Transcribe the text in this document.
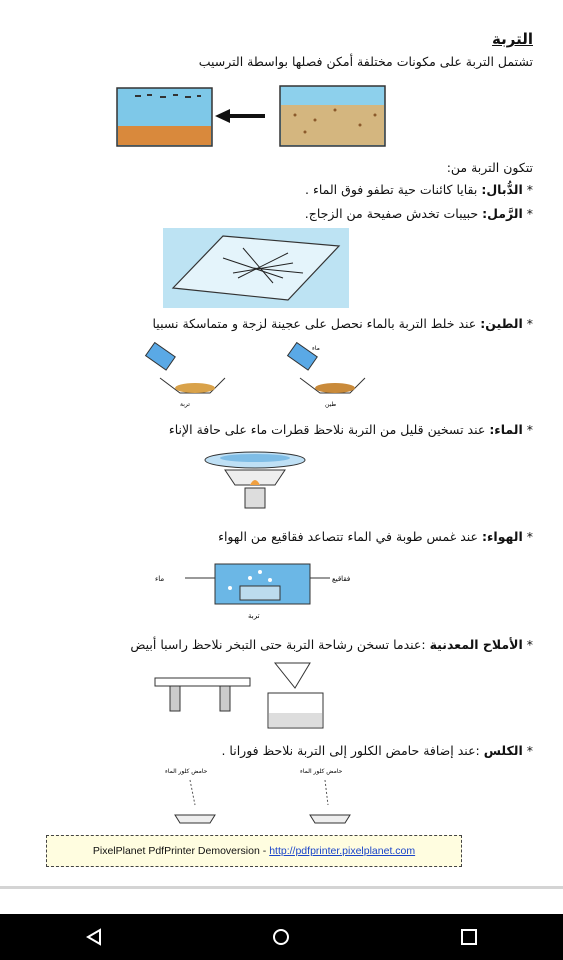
التربة
تشتمل التربة على مكونات مختلفة أمكن فصلها بواسطة الترسيب
تتكون التربة من:
* الدُّبال: بقايا كائنات حية تطفو فوق الماء .
* الرَّمل: حبيبات تخدش صفيحة من الزجاج.
* الطين: عند خلط التربة بالماء نحصل على عجينة لزجة و متماسكة نسبيا
تربة
ماء
طين
* الماء: عند تسخين قليل من التربة نلاحظ قطرات ماء على حافة الإناء
* الهواء: عند غمس طوبة في الماء تتصاعد فقاقيع من الهواء
ماء	فقاقيع
تربة
* الأملاح المعدنية :عندما تسخن رشاحة التربة حتى التبخر نلاحظ راسبا أبيض
* الكلس :عند إضافة حامض الكلور إلى التربة نلاحظ فورانا .
حامض كلور الماء	حامض كلور الماء
PixelPlanet PdfPrinter Demoversion - http://pdfprinter.pixelplanet.com
